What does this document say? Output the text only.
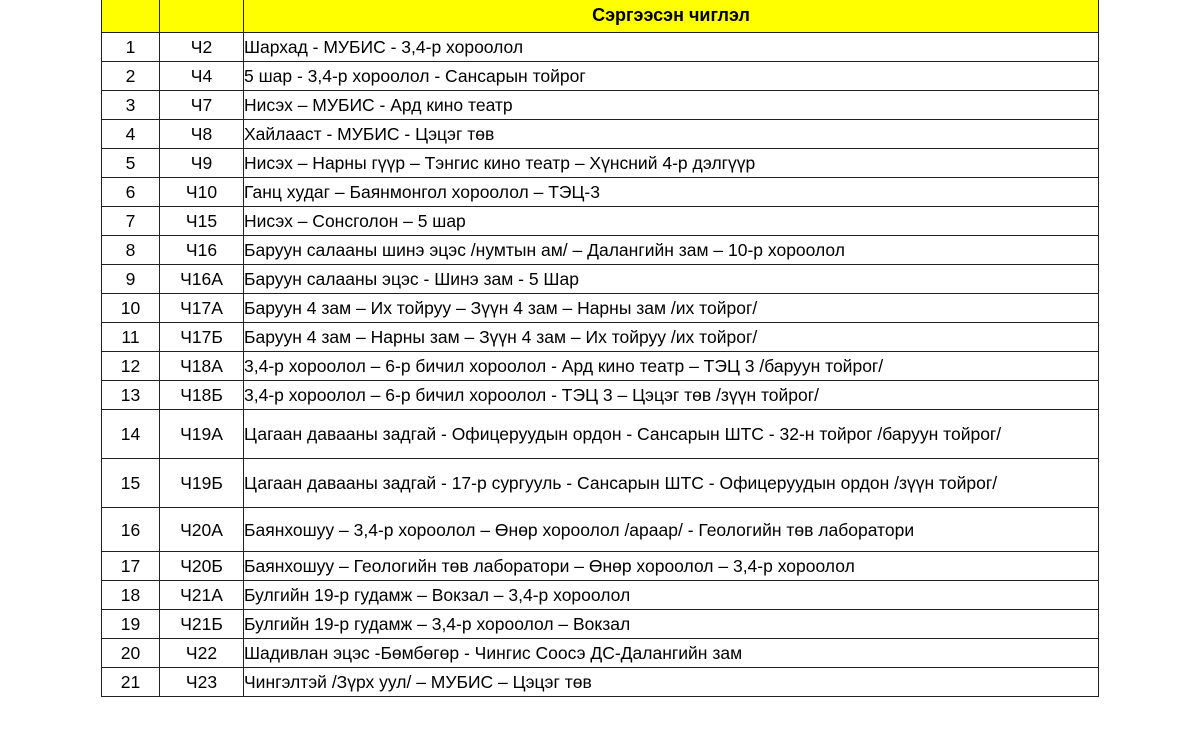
		Сэргээсэн чиглэл
1	Ч2	Шархад - МУБИС - 3,4-р хороолол
2	Ч4	5 шар - 3,4-р хороолол - Сансарын тойрог
3	Ч7	Нисэх – МУБИС - Ард кино театр
4	Ч8	Хайлааст - МУБИС - Цэцэг төв
5	Ч9	Нисэх – Нарны гүүр – Тэнгис кино театр – Хүнсний 4-р дэлгүүр
6	Ч10	Ганц худаг – Баянмонгол хороолол – ТЭЦ-3
7	Ч15	Нисэх – Сонсголон – 5 шар
8	Ч16	Баруун салааны шинэ эцэс /нумтын ам/ – Далангийн зам – 10-р хороолол
9	Ч16А	Баруун салааны эцэс - Шинэ зам - 5 Шар
10	Ч17А	Баруун 4 зам – Их тойруу – Зүүн 4 зам – Нарны зам /их тойрог/
11	Ч17Б	Баруун 4 зам – Нарны зам – Зүүн 4 зам – Их тойруу /их тойрог/
12	Ч18А	3,4-р хороолол – 6-р бичил хороолол - Ард кино театр – ТЭЦ 3 /баруун тойрог/
13	Ч18Б	3,4-р хороолол – 6-р бичил хороолол - ТЭЦ 3 – Цэцэг төв /зүүн тойрог/
14	Ч19А	Цагаан давааны задгай - Офицеруудын ордон - Сансарын ШТС - 32-н тойрог /баруун тойрог/
15	Ч19Б	Цагаан давааны задгай - 17-р сургууль - Сансарын ШТС - Офицеруудын ордон /зүүн тойрог/
16	Ч20А	Баянхошуу – 3,4-р хороолол – Өнөр хороолол /араар/ - Геологийн төв лаборатори
17	Ч20Б	Баянхошуу – Геологийн төв лаборатори – Өнөр хороолол – 3,4-р хороолол
18	Ч21А	Булгийн 19-р гудамж – Вокзал – 3,4-р хороолол
19	Ч21Б	Булгийн 19-р гудамж – 3,4-р хороолол – Вокзал
20	Ч22	Шадивлан эцэс -Бөмбөгөр - Чингис Соосэ ДС-Далангийн зам
21	Ч23	Чингэлтэй /Зүрх уул/ – МУБИС – Цэцэг төв
